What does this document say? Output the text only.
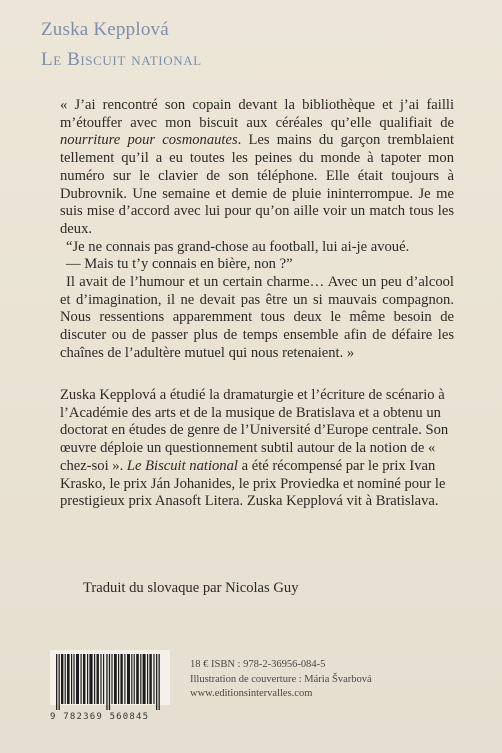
Zuska Kepplová
Le Biscuit national

« J’ai rencontré son copain devant la bibliothèque et j’ai failli m’étouffer avec mon biscuit aux céréales qu’elle qualifiait de nourriture pour cosmonautes. Les mains du garçon tremblaient tellement qu’il a eu toutes les peines du monde à tapoter mon numéro sur le clavier de son téléphone. Elle était toujours à Dubrovnik. Une semaine et demie de pluie ininterrompue. Je me suis mise d’accord avec lui pour qu’on aille voir un match tous les deux.

“Je ne connais pas grand-chose au football, lui ai-je avoué.

— Mais tu t’y connais en bière, non ?”

Il avait de l’humour et un certain charme… Avec un peu d’alcool et d’imagination, il ne devait pas être un si mauvais compagnon. Nous ressentions apparemment tous deux le même besoin de discuter ou de passer plus de temps ensemble afin de défaire les chaînes de l’adultère mutuel qui nous retenaient. »

Zuska Kepplová a étudié la dramaturgie et l’écriture de scénario à l’Académie des arts et de la musique de Bratislava et a obtenu un doctorat en études de genre de l’Université d’Europe centrale. Son œuvre déploie un questionnement subtil autour de la notion de « chez-soi ». Le Biscuit national a été récompensé par le prix Ivan Krasko, le prix Ján Johanides, le prix Proviedka et nominé pour le prestigieux prix Anasoft Litera. Zuska Kepplová vit à Bratislava.
Traduit du slovaque par Nicolas Guy
9 782369 560845
18 € ISBN : 978-2-36956-084-5
Illustration de couverture : Mária Švarbová
www.editionsintervalles.com
